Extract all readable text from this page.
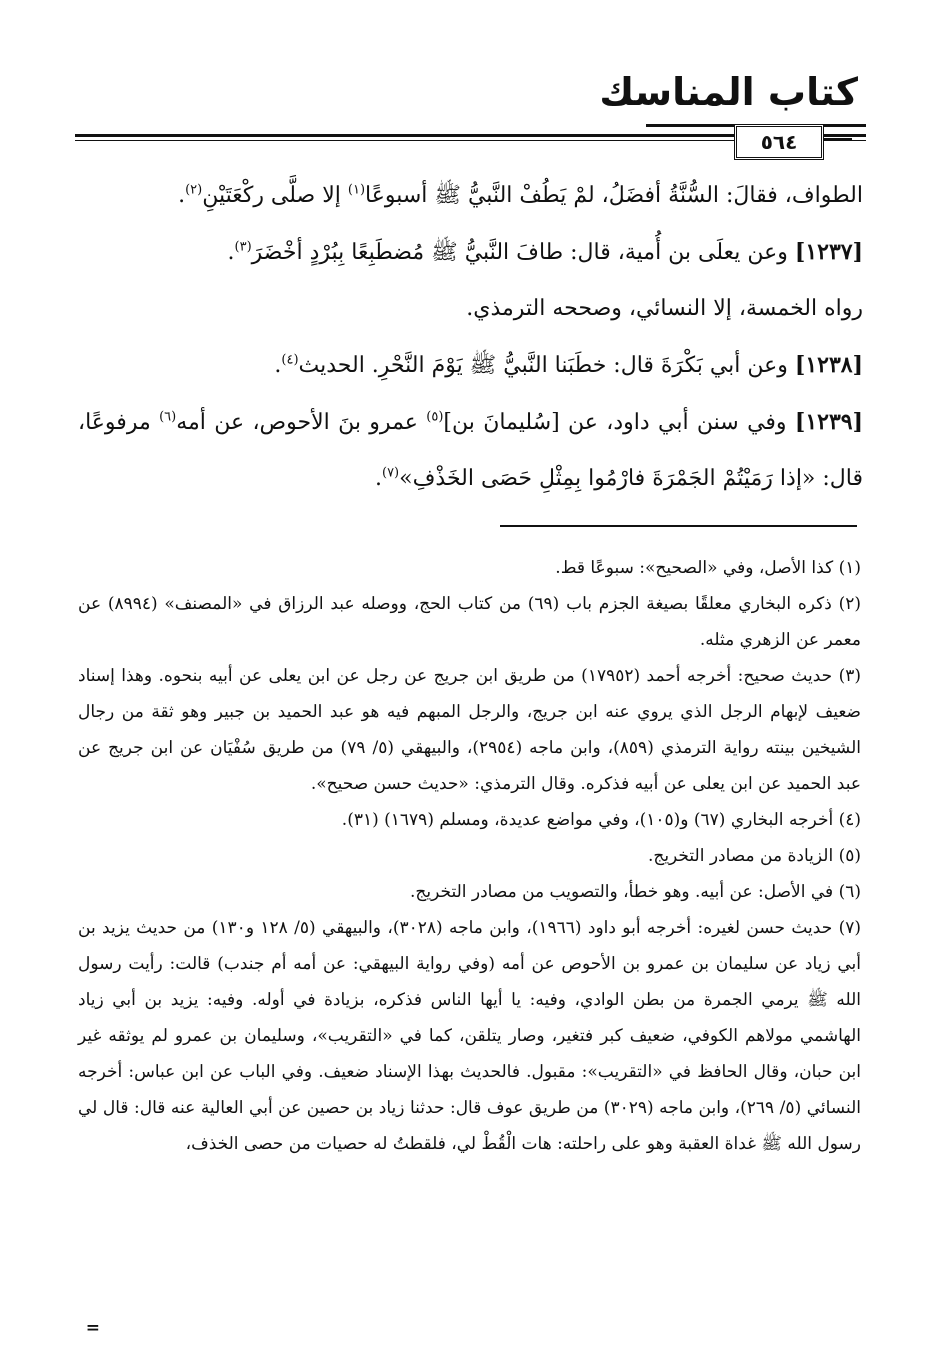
كتاب المناسك
٥٦٤

الطواف، فقالَ: السُّنَّةُ أفضَلُ، لمْ يَطُفْ النَّبيُّ ﷺ أسبوعًا$^{(١)}$ إلا صلَّى ركْعَتَيْنِ$^{(٢)}$.

[١٢٣٧] وعن يعلَى بن أُمية، قال: طافَ النَّبيُّ ﷺ مُضطَبِعًا بِبُرْدٍ أخْضَرَ$^{(٣)}$.

رواه الخمسة، إلا النسائي، وصححه الترمذي.

[١٢٣٨] وعن أبي بَكْرَةَ قال: خطَبَنا النَّبيُّ ﷺ يَوْمَ النَّحْرِ. الحديث$^{(٤)}$.

[١٢٣٩] وفي سنن أبي داود، عن [سُليمانَ بن]$^{(٥)}$ عمرو بنَ الأحوص، عن أمه$^{(٦)}$ مرفوعًا، قال: «إذا رَمَيْتُمْ الجَمْرَةَ فارْمُوا بِمِثْلِ حَصَى الخَذْفِ»$^{(٧)}$.

(١) كذا الأصل، وفي «الصحيح»: سبوعًا قط.

(٢) ذكره البخاري معلقًا بصيغة الجزم باب (٦٩) من كتاب الحج، ووصله عبد الرزاق في «المصنف» (٨٩٩٤) عن معمر عن الزهري مثله.

(٣) حديث صحيح: أخرجه أحمد (١٧٩٥٢) من طريق ابن جريج عن رجل عن ابن يعلى عن أبيه بنحوه. وهذا إسناد ضعيف لإبهام الرجل الذي يروي عنه ابن جريج، والرجل المبهم فيه هو عبد الحميد بن جبير وهو ثقة من رجال الشيخين بينته رواية الترمذي (٨٥٩)، وابن ماجه (٢٩٥٤)، والبيهقي (٥/ ٧٩) من طريق سُفْيَان عن ابن جريج عن عبد الحميد عن ابن يعلى عن أبيه فذكره. وقال الترمذي: «حديث حسن صحيح».

(٤) أخرجه البخاري (٦٧) و(١٠٥)، وفي مواضع عديدة، ومسلم (١٦٧٩) (٣١).

(٥) الزيادة من مصادر التخريج.

(٦) في الأصل: عن أبيه. وهو خطأ، والتصويب من مصادر التخريج.

(٧) حديث حسن لغيره: أخرجه أبو داود (١٩٦٦)، وابن ماجه (٣٠٢٨)، والبيهقي (٥/ ١٢٨ و١٣٠) من حديث يزيد بن أبي زياد عن سليمان بن عمرو بن الأحوص عن أمه (وفي رواية البيهقي: عن أمه أم جندب) قالت: رأيت رسول الله ﷺ يرمي الجمرة من بطن الوادي، وفيه: يا أيها الناس فذكره، بزيادة في أوله. وفيه: يزيد بن أبي زياد الهاشمي مولاهم الكوفي، ضعيف كبر فتغير، وصار يتلقن، كما في «التقريب»، وسليمان بن عمرو لم يوثقه غير ابن حبان، وقال الحافظ في «التقريب»: مقبول. فالحديث بهذا الإسناد ضعيف. وفي الباب عن ابن عباس: أخرجه النسائي (٥/ ٢٦٩)، وابن ماجه (٣٠٢٩) من طريق عوف قال: حدثنا زياد بن حصين عن أبي العالية عنه قال: قال لي رسول الله ﷺ غداة العقبة وهو على راحلته: هات الْقُطْ لي، فلقطتُ له حصيات من حصى الخذف،

=
